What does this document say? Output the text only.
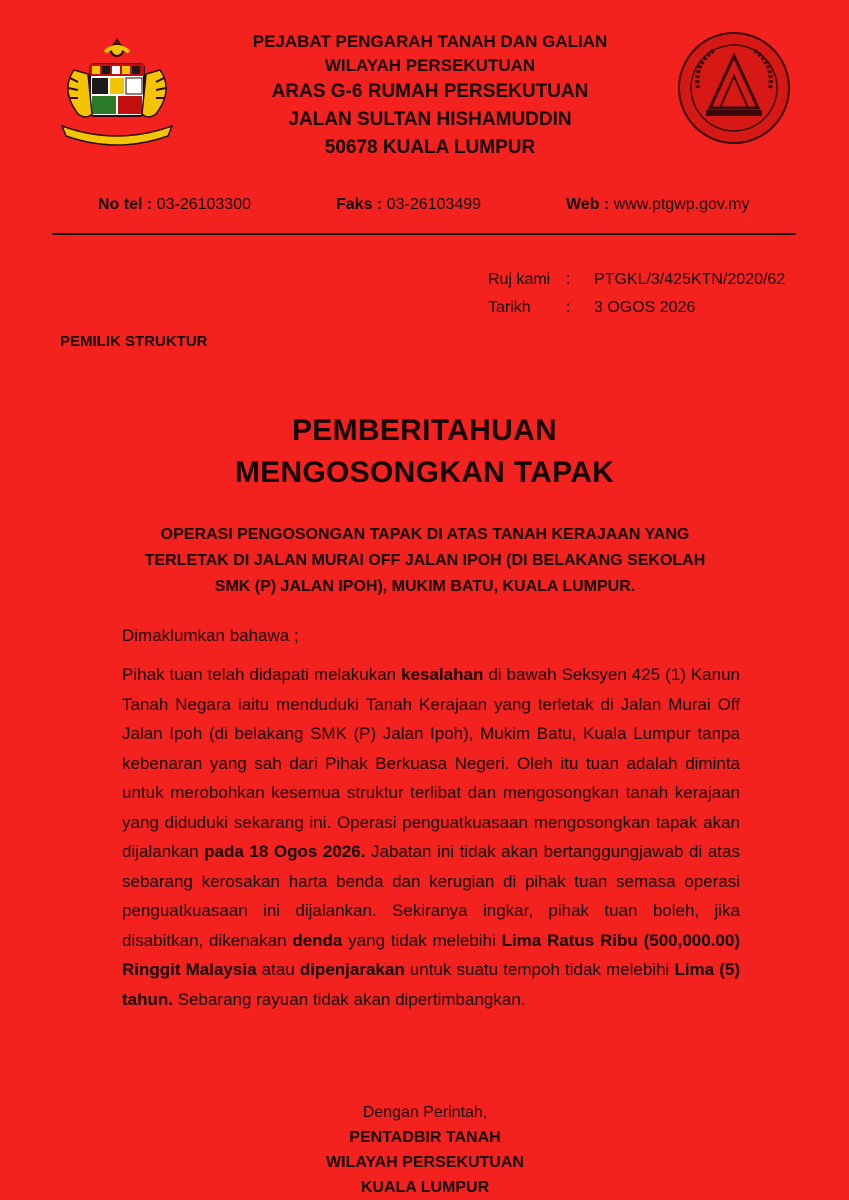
PEJABAT PENGARAH TANAH DAN GALIAN
WILAYAH PERSEKUTUAN
ARAS G-6 RUMAH PERSEKUTUAN
JALAN SULTAN HISHAMUDDIN
50678 KUALA LUMPUR
No tel : 03-26103300	Faks : 03-26103499	Web : www.ptgwp.gov.my
Ruj kami :	PTGKL/3/425KTN/2020/62
Tarikh	:	3 OGOS 2026
PEMILIK STRUKTUR
PEMBERITAHUAN
MENGOSONGKAN TAPAK
OPERASI PENGOSONGAN TAPAK DI ATAS TANAH KERAJAAN YANG
TERLETAK DI JALAN MURAI OFF JALAN IPOH (DI BELAKANG SEKOLAH
SMK (P) JALAN IPOH), MUKIM BATU, KUALA LUMPUR.
Dimaklumkan bahawa ;
Pihak tuan telah didapati melakukan kesalahan di bawah Seksyen 425 (1) Kanun Tanah Negara iaitu menduduki Tanah Kerajaan yang terletak di Jalan Murai Off Jalan Ipoh (di belakang SMK (P) Jalan Ipoh), Mukim Batu, Kuala Lumpur tanpa kebenaran yang sah dari Pihak Berkuasa Negeri. Oleh itu tuan adalah diminta untuk merobohkan kesemua struktur terlibat dan mengosongkan tanah kerajaan yang diduduki sekarang ini. Operasi penguatkuasaan mengosongkan tapak akan dijalankan pada 18 Ogos 2026. Jabatan ini tidak akan bertanggungjawab di atas sebarang kerosakan harta benda dan kerugian di pihak tuan semasa operasi penguatkuasaan ini dijalankan. Sekiranya ingkar, pihak tuan boleh, jika disabitkan, dikenakan denda yang tidak melebihi Lima Ratus Ribu (500,000.00) Ringgit Malaysia atau dipenjarakan untuk suatu tempoh tidak melebihi Lima (5) tahun. Sebarang rayuan tidak akan dipertimbangkan.
Dengan Perintah,
PENTADBIR TANAH
WILAYAH PERSEKUTUAN
KUALA LUMPUR
